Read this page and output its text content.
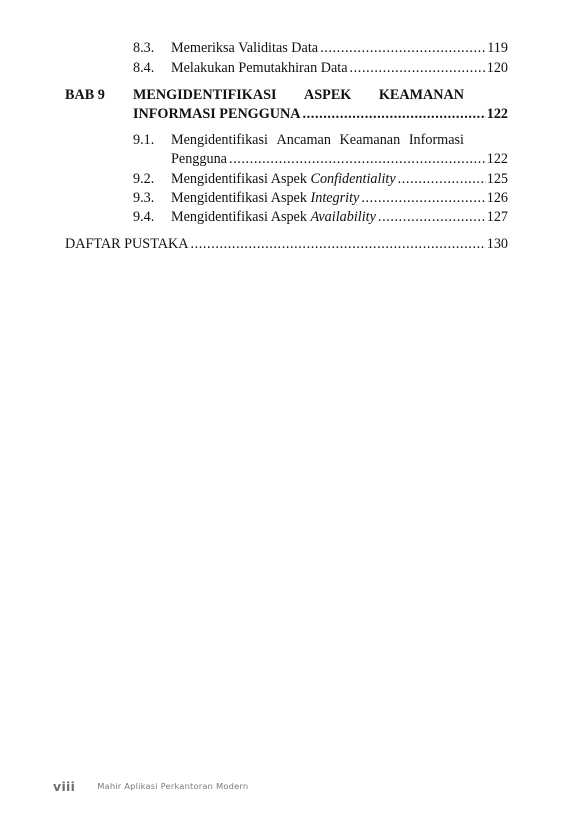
8.3. Memeriksa Validitas Data .....	119
8.4. Melakukan Pemutakhiran Data .....	120
BAB 9 MENGIDENTIFIKASI ASPEK KEAMANAN
INFORMASI PENGGUNA .....	122
9.1. Mengidentifikasi Ancaman Keamanan Informasi
Pengguna .....	122
9.2. Mengidentifikasi Aspek Confidentiality .....	125
9.3. Mengidentifikasi Aspek Integrity .....	126
9.4. Mengidentifikasi Aspek Availability .....	127
DAFTAR PUSTAKA .....	130
viii	Mahir Aplikasi Perkantoran Modern
